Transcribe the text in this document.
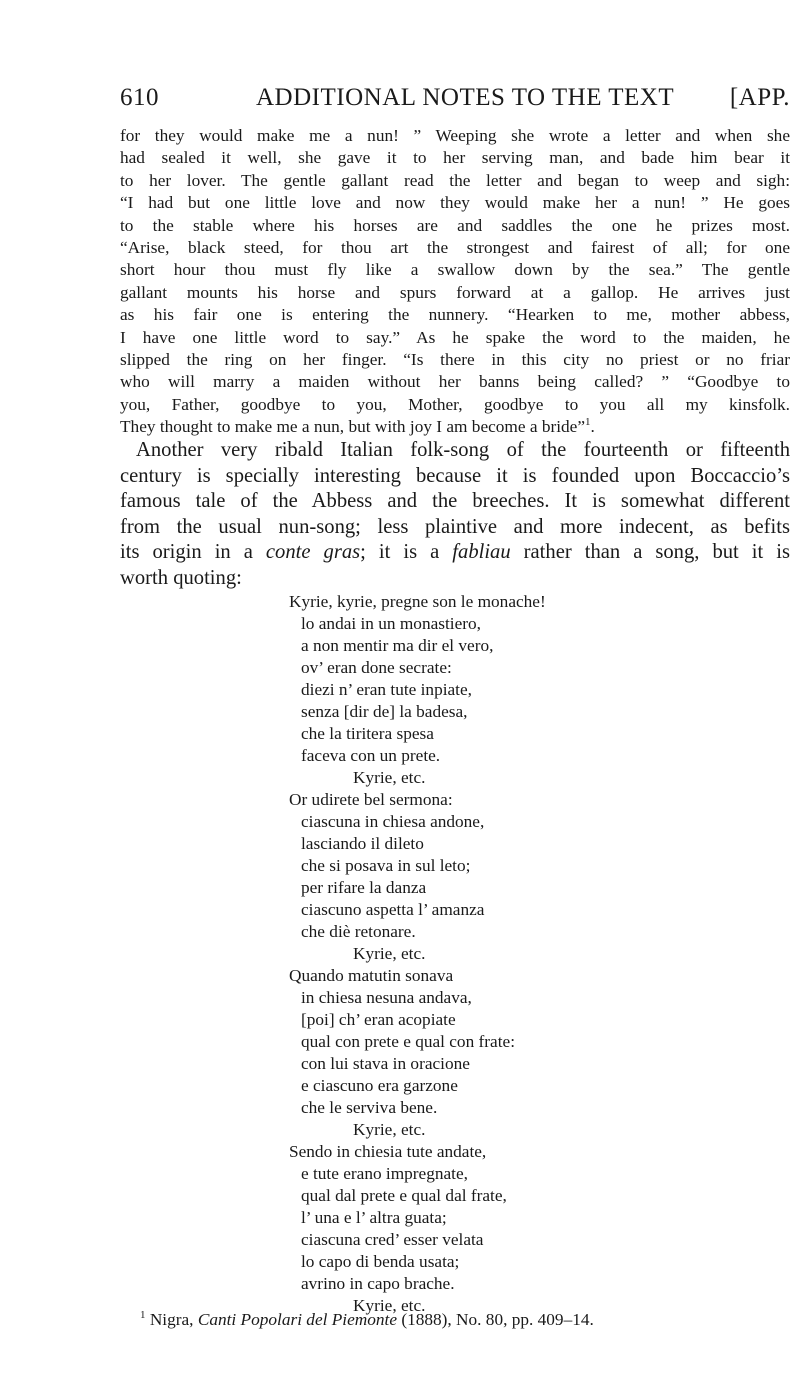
610	ADDITIONAL NOTES TO THE TEXT [APP.

for they would make me a nun! ” Weeping she wrote a letter and when she

had sealed it well, she gave it to her serving man, and bade him bear it

to her lover. The gentle gallant read the letter and began to weep and sigh:

“I had but one little love and now they would make her a nun! ” He goes

to the stable where his horses are and saddles the one he prizes most.

“Arise, black steed, for thou art the strongest and fairest of all; for one

short hour thou must fly like a swallow down by the sea.” The gentle

gallant mounts his horse and spurs forward at a gallop. He arrives just

as his fair one is entering the nunnery. “Hearken to me, mother abbess,

I have one little word to say.” As he spake the word to the maiden, he

slipped the ring on her finger. “Is there in this city no priest or no friar

who will marry a maiden without her banns being called? ” “Goodbye to

you, Father, goodbye to you, Mother, goodbye to you all my kinsfolk.

They thought to make me a nun, but with joy I am become a bride”$^1$.

Another very ribald Italian folk-song of the fourteenth or fifteenth

century is specially interesting because it is founded upon Boccaccio’s

famous tale of the Abbess and the breeches. It is somewhat different

from the usual nun-song; less plaintive and more indecent, as befits

its origin in a conte gras; it is a fabliau rather than a song, but it is

worth quoting:

Kyrie, kyrie, pregne son le monache!
lo andai in un monastiero,
a non mentir ma dir el vero,
ov’ eran done secrate:
diezi n’ eran tute inpiate,
senza [dir de] la badesa,
che la tiritera spesa
faceva con un prete.
Kyrie, etc.
Or udirete bel sermona:
ciascuna in chiesa andone,
lasciando il dileto
che si posava in sul leto;
per rifare la danza
ciascuno aspetta l’ amanza
che diè retonare.
Kyrie, etc.
Quando matutin sonava
in chiesa nesuna andava,
[poi] ch’ eran acopiate
qual con prete e qual con frate:
con lui stava in oracione
e ciascuno era garzone
che le serviva bene.
Kyrie, etc.
Sendo in chiesia tute andate,
e tute erano impregnate,
qual dal prete e qual dal frate,
l’ una e l’ altra guata;
ciascuna cred’ esser velata
lo capo di benda usata;
avrino in capo brache.
Kyrie, etc.
$^1$ Nigra, Canti Popolari del Piemonte (1888), No. 80, pp. 409–14.
